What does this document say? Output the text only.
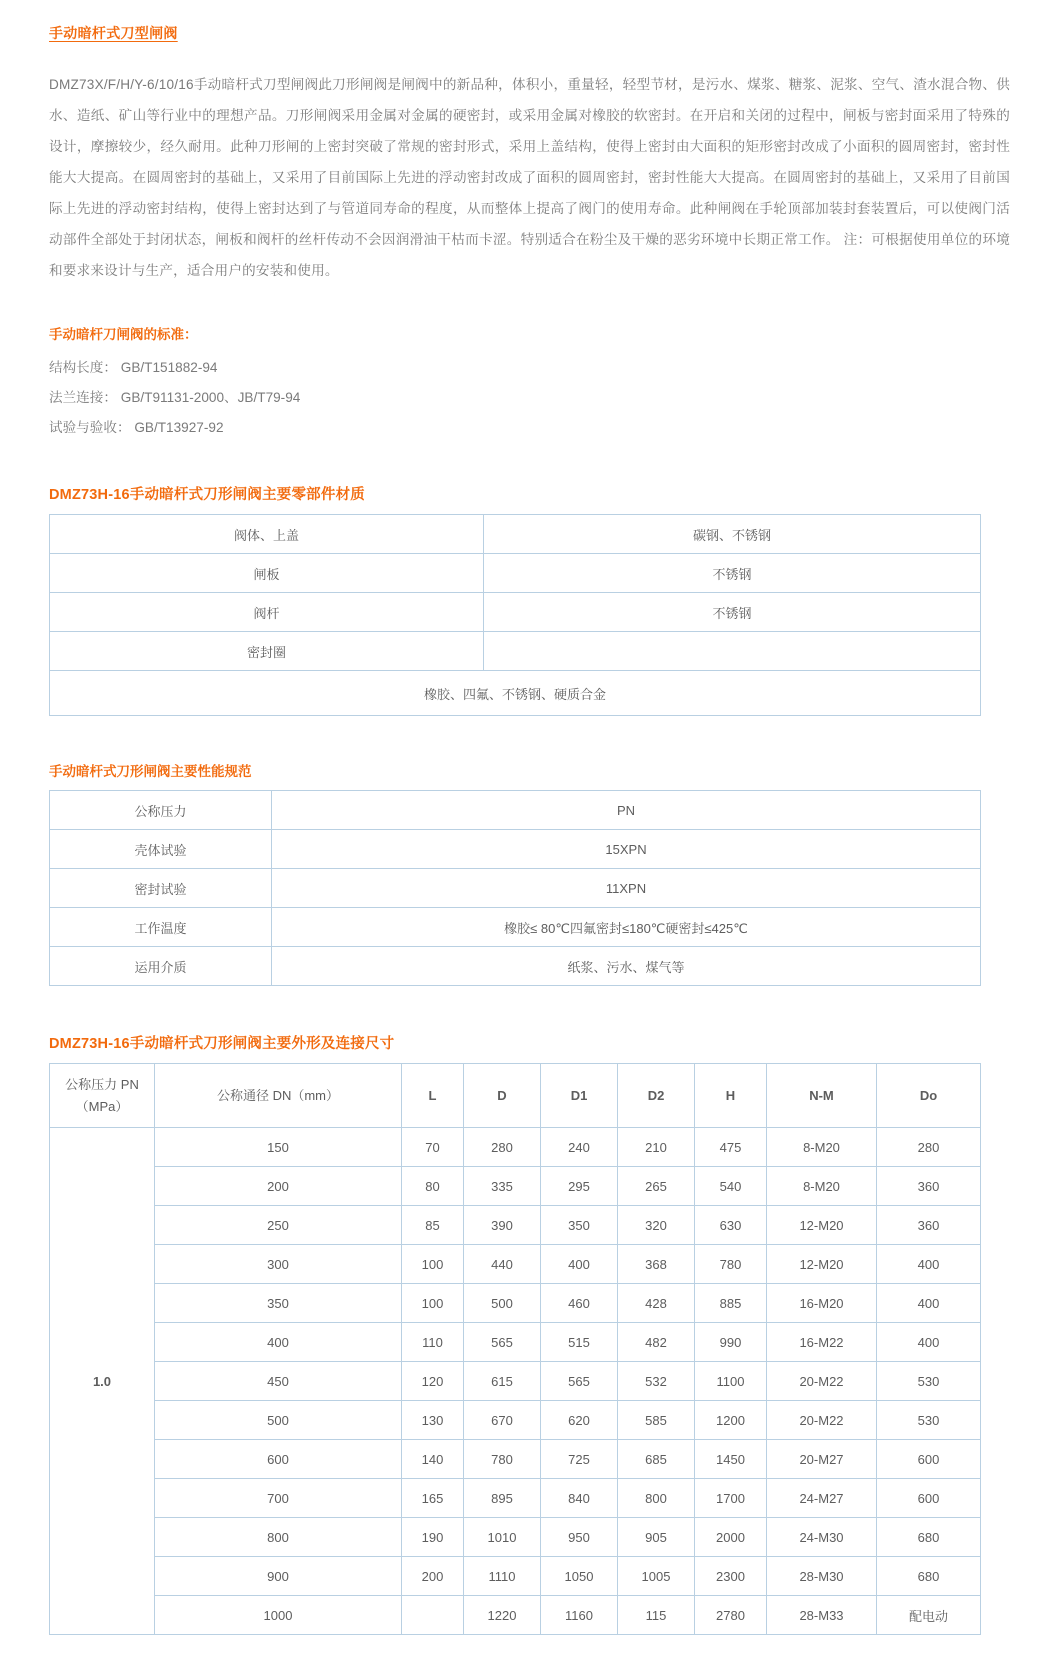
手动暗杆式刀型闸阀

DMZ73X/F/H/Y-6/10/16手动暗杆式刀型闸阀此刀形闸阀是闸阀中的新品种，体积小，重量轻，轻型节材，是污水、煤浆、糖浆、泥浆、空气、渣水混合物、供水、造纸、矿山等行业中的理想产品。刀形闸阀采用金属对金属的硬密封，或采用金属对橡胶的软密封。在开启和关闭的过程中，闸板与密封面采用了特殊的设计，摩擦较少，经久耐用。此种刀形闸的上密封突破了常规的密封形式，采用上盖结构，使得上密封由大面积的矩形密封改成了小面积的圆周密封，密封性能大大提高。在圆周密封的基础上，又采用了目前国际上先进的浮动密封改成了面积的圆周密封，密封性能大大提高。在圆周密封的基础上，又采用了目前国际上先进的浮动密封结构，使得上密封达到了与管道同寿命的程度，从而整体上提高了阀门的使用寿命。此种闸阀在手轮顶部加装封套装置后，可以使阀门活动部件全部处于封闭状态，闸板和阀杆的丝杆传动不会因润滑油干枯而卡涩。特别适合在粉尘及干燥的恶劣环境中长期正常工作。 注：可根据使用单位的环境和要求来设计与生产，适合用户的安装和使用。

手动暗杆刀闸阀的标准：
结构长度： GB/T151882-94
法兰连接： GB/T91131-2000、JB/T79-94
试验与验收： GB/T13927-92
DMZ73H-16手动暗杆式刀形闸阀主要零部件材质
阀体、上盖	碳钢、不锈钢
闸板	不锈钢
阀杆	不锈钢
密封圈	
橡胶、四氟、不锈钢、硬质合金	
手动暗杆式刀形闸阀主要性能规范
公称压力	PN
壳体试验	15XPN
密封试验	11XPN
工作温度	橡胶≤ 80℃四氟密封≤180℃硬密封≤425℃
运用介质	纸浆、污水、煤气等
DMZ73H-16手动暗杆式刀形闸阀主要外形及连接尺寸
公称压力 PN
（MPa）	公称通径 DN（mm）	L	D	D1	D2	H	N-M	Do
1.0	150	70	280	240	210	475	8-M20	280
	200	80	335	295	265	540	8-M20	360
	250	85	390	350	320	630	12-M20	360
	300	100	440	400	368	780	12-M20	400
	350	100	500	460	428	885	16-M20	400
	400	110	565	515	482	990	16-M22	400
	450	120	615	565	532	1100	20-M22	530
	500	130	670	620	585	1200	20-M22	530
	600	140	780	725	685	1450	20-M27	600
	700	165	895	840	800	1700	24-M27	600
	800	190	1010	950	905	2000	24-M30	680
	900	200	1110	1050	1005	2300	28-M30	680
	1000		1220	1160	115	2780	28-M33	配电动
